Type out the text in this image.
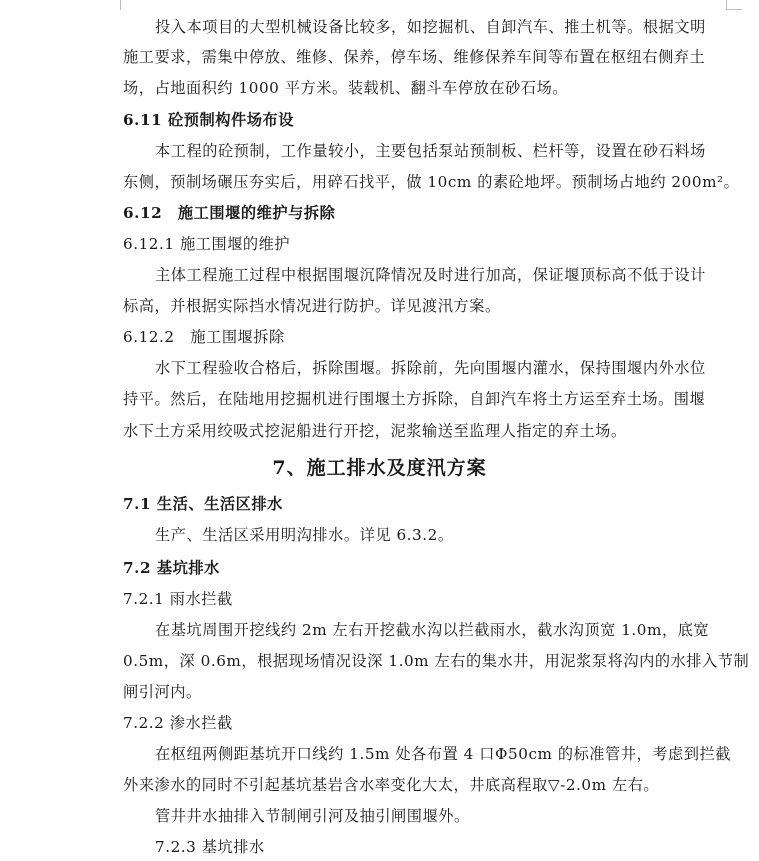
投入本项目的大型机械设备比较多，如挖掘机、自卸汽车、推土机等。根据文明
施工要求，需集中停放、维修、保养，停车场、维修保养车间等布置在枢纽右侧弃土
场，占地面积约 1000 平方米。装载机、翻斗车停放在砂石场。
6.11 砼预制构件场布设
本工程的砼预制，工作量较小，主要包括泵站预制板、栏杆等，设置在砂石料场
东侧，预制场碾压夯实后，用碎石找平，做 10cm 的素砼地坪。预制场占地约 200m²。
6.12　施工围堰的维护与拆除
6.12.1 施工围堰的维护
主体工程施工过程中根据围堰沉降情况及时进行加高，保证堰顶标高不低于设计
标高，并根据实际挡水情况进行防护。详见渡汛方案。
6.12.2　施工围堰拆除
水下工程验收合格后，拆除围堰。拆除前，先向围堰内灌水，保持围堰内外水位
持平。然后，在陆地用挖掘机进行围堰土方拆除，自卸汽车将土方运至弃土场。围堰
水下土方采用绞吸式挖泥船进行开挖，泥浆输送至监理人指定的弃土场。
7、施工排水及度汛方案
7.1 生活、生活区排水
生产、生活区采用明沟排水。详见 6.3.2。
7.2 基坑排水
7.2.1 雨水拦截
在基坑周围开挖线约 2m 左右开挖截水沟以拦截雨水，截水沟顶宽 1.0m，底宽
0.5m，深 0.6m，根据现场情况设深 1.0m 左右的集水井，用泥浆泵将沟内的水排入节制
闸引河内。
7.2.2 渗水拦截
在枢纽两侧距基坑开口线约 1.5m 处各布置 4 口Φ50cm 的标准管井，考虑到拦截
外来渗水的同时不引起基坑基岩含水率变化大太，井底高程取▽-2.0m 左右。
管井井水抽排入节制闸引河及抽引闸围堰外。
7.2.3 基坑排水
